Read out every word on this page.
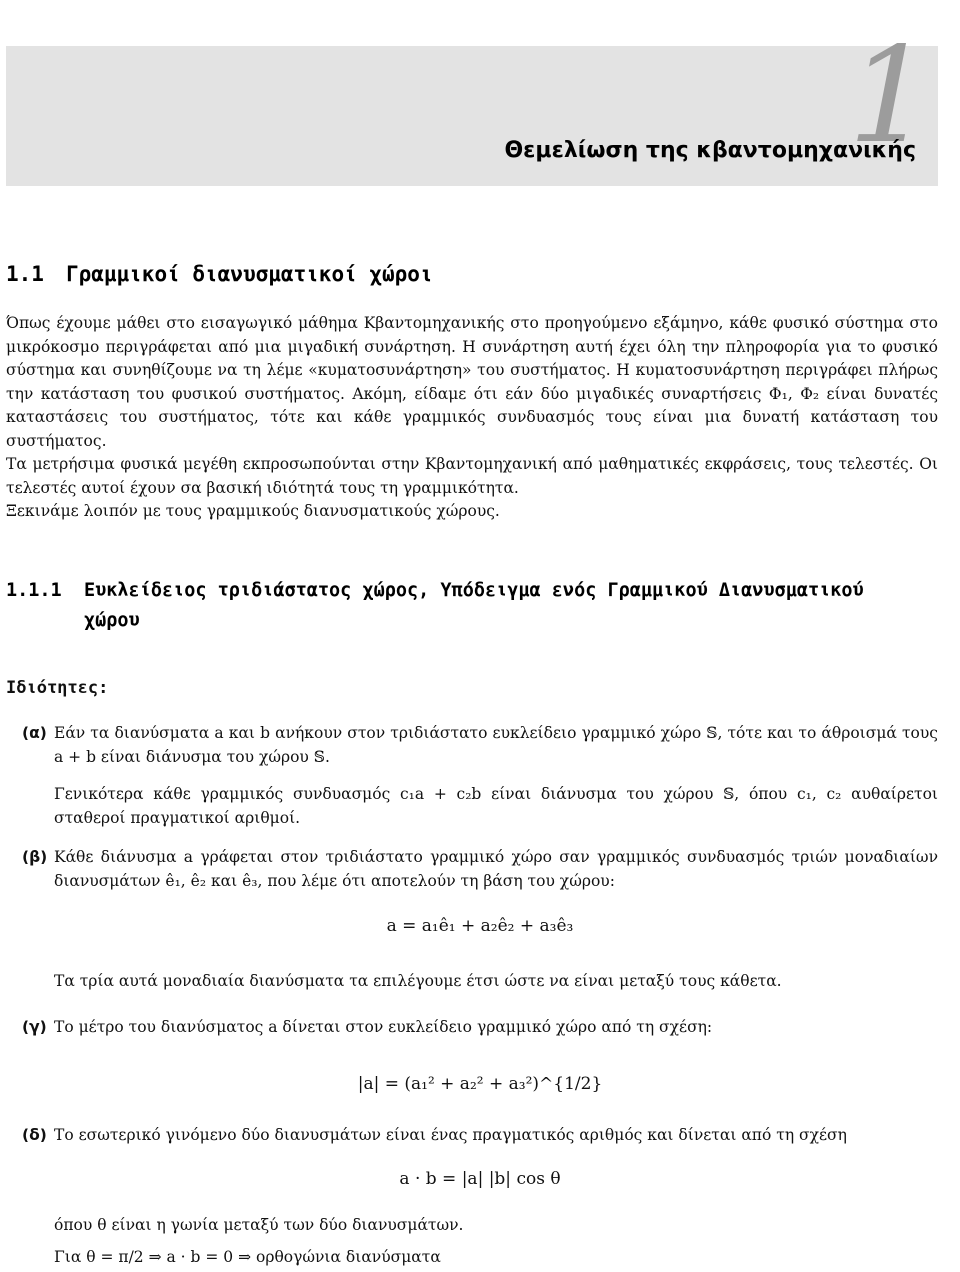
1
Θεμελίωση της κβαντομηχανικής
1.1 Γραμμικοί διανυσματικοί χώροι

Όπως έχουμε μάθει στο εισαγωγικό μάθημα Κβαντομηχανικής στο προηγούμενο εξάμηνο, κάθε φυσικό σύστημα στο μικρόκοσμο περιγράφεται από μια μιγαδική συνάρτηση. Η συνάρτηση αυτή έχει όλη την πληροφορία για το φυσικό σύστημα και συνηθίζουμε να τη λέμε «κυματοσυνάρτηση» του συστήματος. Η κυματοσυνάρτηση περιγράφει πλήρως την κατάσταση του φυσικού συστήματος. Ακόμη, είδαμε ότι εάν δύο μιγαδικές συναρτήσεις Φ₁, Φ₂ είναι δυνατές καταστάσεις του συστήματος, τότε και κάθε γραμμικός συνδυασμός τους είναι μια δυνατή κατάσταση του συστήματος.

Τα μετρήσιμα φυσικά μεγέθη εκπροσωπούνται στην Κβαντομηχανική από μαθηματικές εκφράσεις, τους τελεστές. Οι τελεστές αυτοί έχουν σα βασική ιδιότητά τους τη γραμμικότητα.

Ξεκινάμε λοιπόν με τους γραμμικούς διανυσματικούς χώρους.

1.1.1 Ευκλείδειος τριδιάστατος χώρος, Υπόδειγμα ενός Γραμμικού Διανυσματικού
χώρου
Ιδιότητες:
(α) Εάν τα διανύσματα a και b ανήκουν στον τριδιάστατο ευκλείδειο γραμμικό χώρο 𝕊, τότε και το άθροισμά τους a + b είναι διάνυσμα του χώρου 𝕊.

Γενικότερα κάθε γραμμικός συνδυασμός c₁a + c₂b είναι διάνυσμα του χώρου 𝕊, όπου c₁, c₂ αυθαίρετοι σταθεροί πραγματικοί αριθμοί.

(β) Κάθε διάνυσμα a γράφεται στον τριδιάστατο γραμμικό χώρο σαν γραμμικός συνδυασμός τριών μοναδιαίων διανυσμάτων ê₁, ê₂ και ê₃, που λέμε ότι αποτελούν τη βάση του χώρου:

a = a₁ê₁ + a₂ê₂ + a₃ê₃

Τα τρία αυτά μοναδιαία διανύσματα τα επιλέγουμε έτσι ώστε να είναι μεταξύ τους κάθετα.

(γ) Το μέτρο του διανύσματος a δίνεται στον ευκλείδειο γραμμικό χώρο από τη σχέση:

|a| = (a₁² + a₂² + a₃²)^{1/2}
(δ) Το εσωτερικό γινόμενο δύο διανυσμάτων είναι ένας πραγματικός αριθμός και δίνεται από τη σχέση

a · b = |a| |b| cos θ

όπου θ είναι η γωνία μεταξύ των δύο διανυσμάτων.

Για θ = π/2 ⇒ a · b = 0 ⇒ ορθογώνια διανύσματα
